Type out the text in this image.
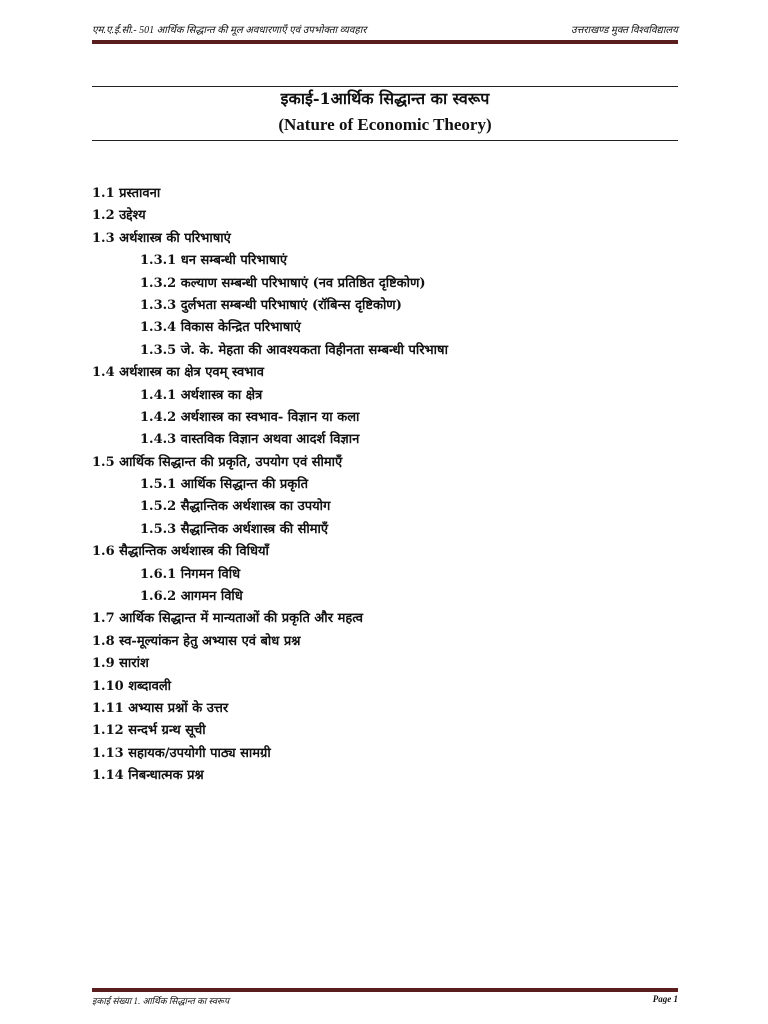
एम.ए.ई.सी.- 501 आर्थिक सिद्धान्त की मूल अवधारणाएँ एवं उपभोक्ता व्यवहार	उत्तराखण्ड मुक्त विश्वविद्यालय
इकाई-1आर्थिक सिद्धान्त का स्वरूप
(Nature of Economic Theory)
1.1 प्रस्तावना
1.2 उद्देश्य
1.3 अर्थशास्त्र की परिभाषाएं
1.3.1 धन सम्बन्धी परिभाषाएं
1.3.2 कल्याण सम्बन्धी परिभाषाएं (नव प्रतिष्ठित दृष्टिकोण)
1.3.3 दुर्लभता सम्बन्धी परिभाषाएं (रॉबिन्स दृष्टिकोण)
1.3.4 विकास केन्द्रित परिभाषाएं
1.3.5 जे. के. मेहता की आवश्यकता विहीनता सम्बन्धी परिभाषा
1.4 अर्थशास्त्र का क्षेत्र एवम् स्वभाव
1.4.1 अर्थशास्त्र का क्षेत्र
1.4.2 अर्थशास्त्र का स्वभाव- विज्ञान या कला
1.4.3 वास्तविक विज्ञान अथवा आदर्श विज्ञान
1.5 आर्थिक सिद्धान्त की प्रकृति, उपयोग एवं सीमाएँ
1.5.1 आर्थिक सिद्धान्त की प्रकृति
1.5.2 सैद्धान्तिक अर्थशास्त्र का उपयोग
1.5.3 सैद्धान्तिक अर्थशास्त्र की सीमाएँ
1.6 सैद्धान्तिक अर्थशास्त्र की विधियाँ
1.6.1 निगमन विधि
1.6.2 आगमन विधि
1.7 आर्थिक सिद्धान्त में मान्यताओं की प्रकृति और महत्व
1.8 स्व-मूल्यांकन हेतु अभ्यास एवं बोध प्रश्न
1.9 सारांश
1.10 शब्दावली
1.11 अभ्यास प्रश्नों के उत्तर
1.12 सन्दर्भ ग्रन्थ सूची
1.13 सहायक/उपयोगी पाठ्य सामग्री
1.14 निबन्धात्मक प्रश्न
इकाई संख्या 1. आर्थिक सिद्धान्त का स्वरूप	Page 1
